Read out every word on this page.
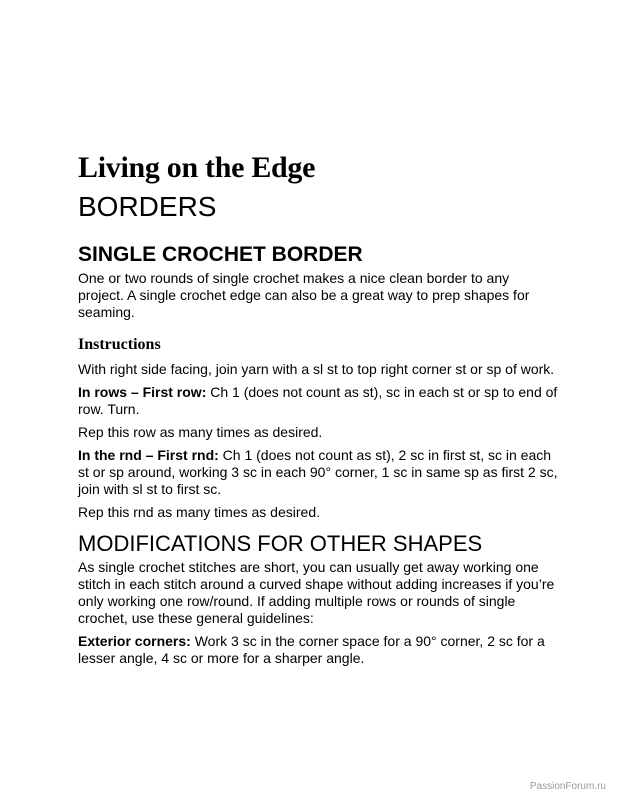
Living on the Edge
BORDERS
SINGLE CROCHET BORDER

One or two rounds of single crochet makes a nice clean border to any project. A single crochet edge can also be a great way to prep shapes for seaming.

Instructions

With right side facing, join yarn with a sl st to top right corner st or sp of work.

In rows – First row: Ch 1 (does not count as st), sc in each st or sp to end of row. Turn.

Rep this row as many times as desired.

In the rnd – First rnd: Ch 1 (does not count as st), 2 sc in first st, sc in each st or sp around, working 3 sc in each 90° corner, 1 sc in same sp as first 2 sc, join with sl st to first sc.

Rep this rnd as many times as desired.

MODIFICATIONS FOR OTHER SHAPES

As single crochet stitches are short, you can usually get away working one stitch in each stitch around a curved shape without adding increases if you’re only working one row/round. If adding multiple rows or rounds of single crochet, use these general guidelines:

Exterior corners: Work 3 sc in the corner space for a 90° corner, 2 sc for a lesser angle, 4 sc or more for a sharper angle.

PassionForum.ru
